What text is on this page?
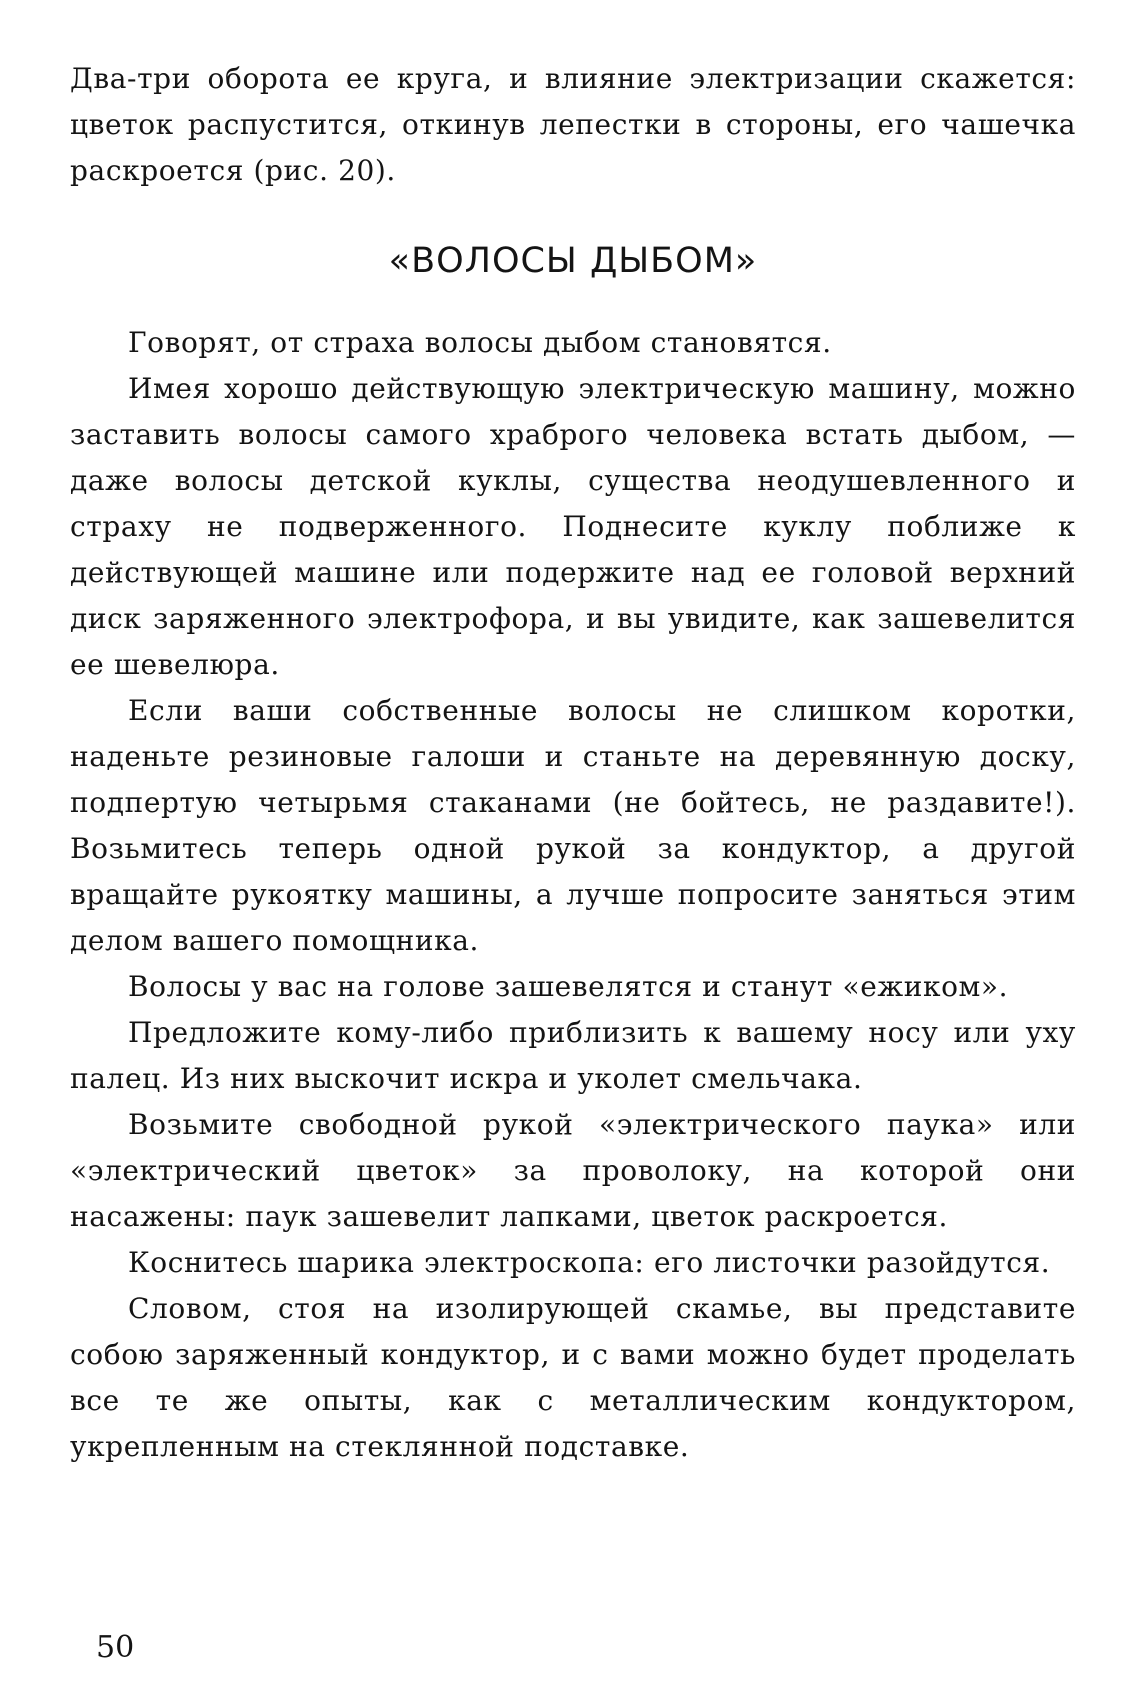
Два-три оборота ее круга, и влияние электризации скажется: цветок распустится, откинув лепестки в стороны, его чашечка раскроется (рис. 20).

«ВОЛОСЫ ДЫБОМ»

Говорят, от страха волосы дыбом становятся.

Имея хорошо действующую электрическую машину, можно заставить волосы самого храброго человека встать дыбом, — даже волосы детской куклы, существа неодушевленного и страху не подверженного. Поднесите куклу поближе к действующей машине или подержите над ее головой верхний диск заряженного электрофора, и вы увидите, как зашевелится ее шевелюра.

Если ваши собственные волосы не слишком коротки, наденьте резиновые галоши и станьте на деревянную доску, подпертую четырьмя стаканами (не бойтесь, не раздавите!). Возьмитесь теперь одной рукой за кондуктор, а другой вращайте рукоятку машины, а лучше попросите заняться этим делом вашего помощника.

Волосы у вас на голове зашевелятся и станут «ежиком».

Предложите кому-либо приблизить к вашему носу или уху палец. Из них выскочит искра и уколет смельчака.

Возьмите свободной рукой «электрического паука» или «электрический цветок» за проволоку, на которой они насажены: паук зашевелит лапками, цветок раскроется.

Коснитесь шарика электроскопа: его листочки разойдутся.

Словом, стоя на изолирующей скамье, вы представите собою заряженный кондуктор, и с вами можно будет проделать все те же опыты, как с металлическим кондуктором, укрепленным на стеклянной подставке.

50
